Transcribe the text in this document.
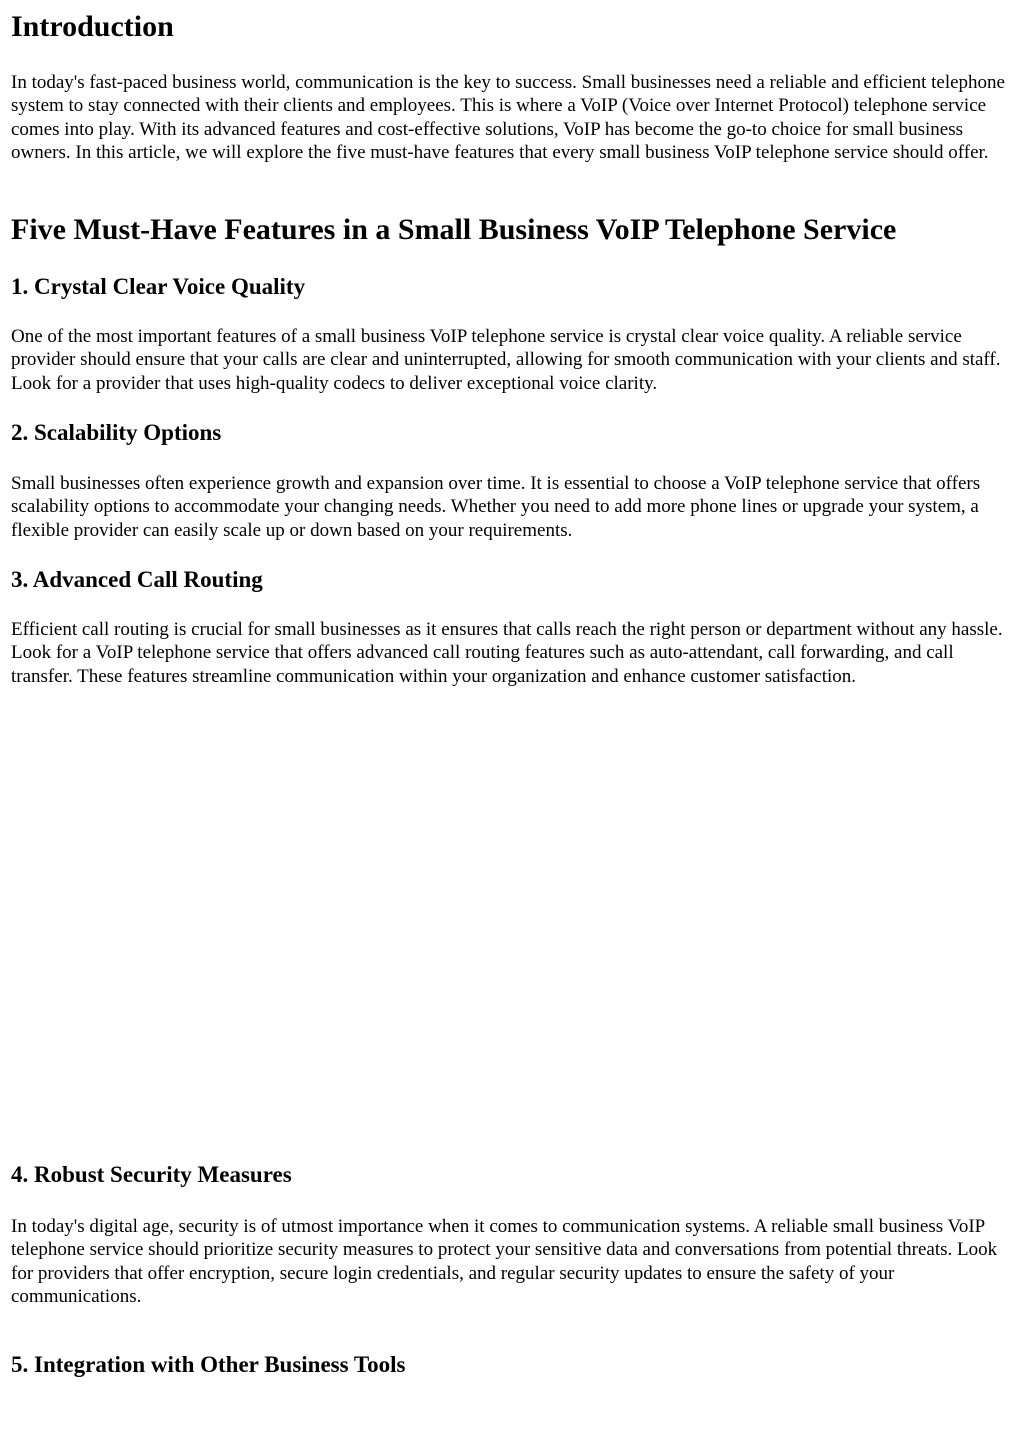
Introduction

In today's fast-paced business world, communication is the key to success. Small businesses need a reliable and efficient telephone system to stay connected with their clients and employees. This is where a VoIP (Voice over Internet Protocol) telephone service comes into play. With its advanced features and cost-effective solutions, VoIP has become the go-to choice for small business owners. In this article, we will explore the five must-have features that every small business VoIP telephone service should offer.

Five Must-Have Features in a Small Business VoIP Telephone Service
1. Crystal Clear Voice Quality

One of the most important features of a small business VoIP telephone service is crystal clear voice quality. A reliable service provider should ensure that your calls are clear and uninterrupted, allowing for smooth communication with your clients and staff. Look for a provider that uses high-quality codecs to deliver exceptional voice clarity.

2. Scalability Options

Small businesses often experience growth and expansion over time. It is essential to choose a VoIP telephone service that offers scalability options to accommodate your changing needs. Whether you need to add more phone lines or upgrade your system, a flexible provider can easily scale up or down based on your requirements.

3. Advanced Call Routing

Efficient call routing is crucial for small businesses as it ensures that calls reach the right person or department without any hassle. Look for a VoIP telephone service that offers advanced call routing features such as auto-attendant, call forwarding, and call transfer. These features streamline communication within your organization and enhance customer satisfaction.

4. Robust Security Measures

In today's digital age, security is of utmost importance when it comes to communication systems. A reliable small business VoIP telephone service should prioritize security measures to protect your sensitive data and conversations from potential threats. Look for providers that offer encryption, secure login credentials, and regular security updates to ensure the safety of your communications.

5. Integration with Other Business Tools
